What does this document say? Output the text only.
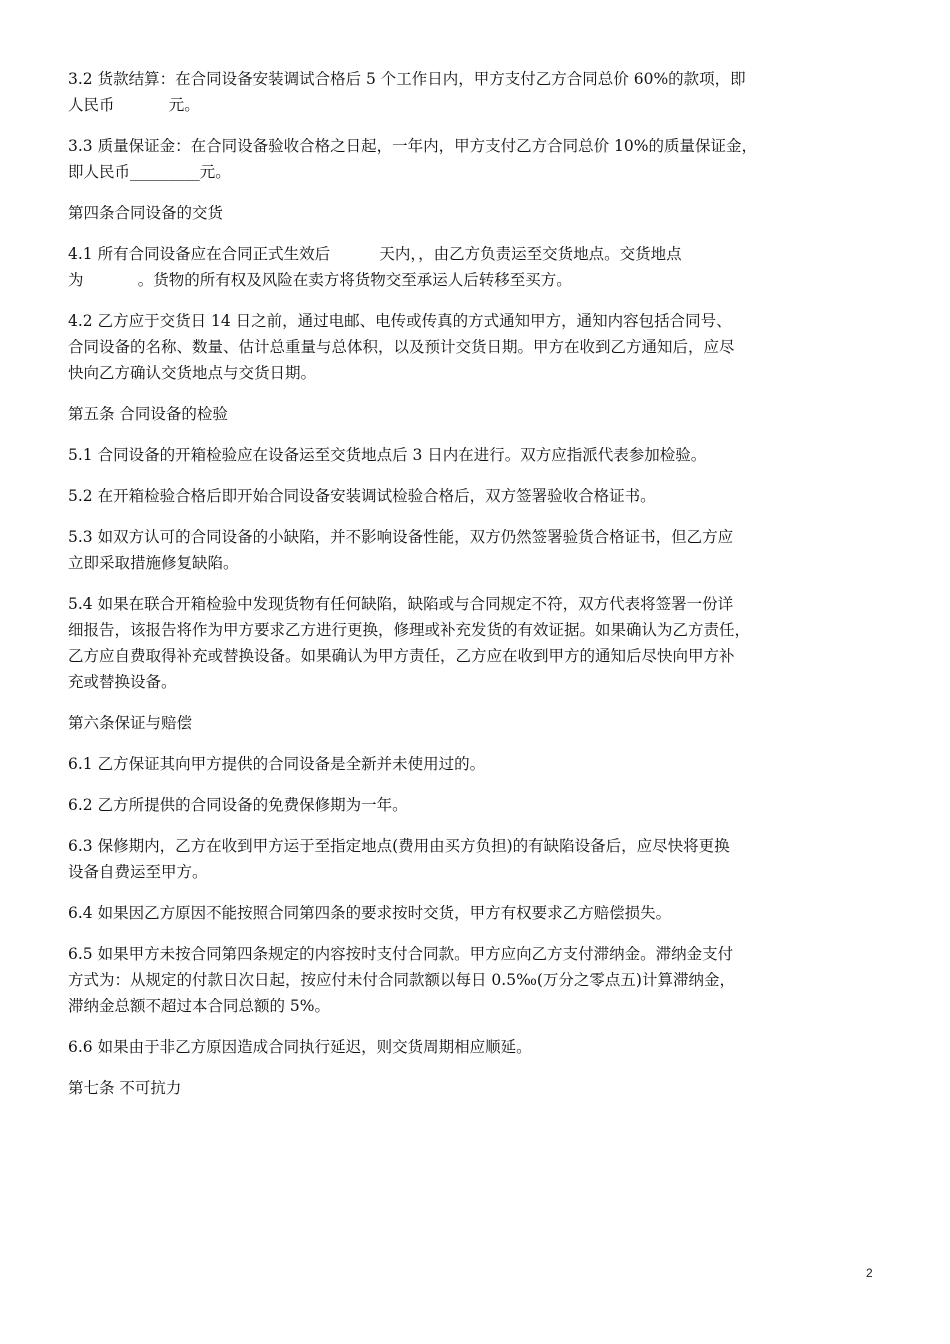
3.2 货款结算：在合同设备安装调试合格后 5 个工作日内，甲方支付乙方合同总价 60%的款项，即
人民币           元。

3.3 质量保证金：在合同设备验收合格之日起，一年内，甲方支付乙方合同总价 10%的质量保证金，
即人民币_________元。

第四条合同设备的交货

4.1 所有合同设备应在合同正式生效后          天内，，由乙方负责运至交货地点。交货地点
为           。货物的所有权及风险在卖方将货物交至承运人后转移至买方。

4.2 乙方应于交货日 14 日之前，通过电邮、电传或传真的方式通知甲方，通知内容包括合同号、
合同设备的名称、数量、估计总重量与总体积，以及预计交货日期。甲方在收到乙方通知后，应尽
快向乙方确认交货地点与交货日期。

第五条 合同设备的检验

5.1 合同设备的开箱检验应在设备运至交货地点后 3 日内在进行。双方应指派代表参加检验。

5.2 在开箱检验合格后即开始合同设备安装调试检验合格后，双方签署验收合格证书。

5.3 如双方认可的合同设备的小缺陷，并不影响设备性能，双方仍然签署验货合格证书，但乙方应
立即采取措施修复缺陷。

5.4 如果在联合开箱检验中发现货物有任何缺陷，缺陷或与合同规定不符，双方代表将签署一份详
细报告，该报告将作为甲方要求乙方进行更换，修理或补充发货的有效证据。如果确认为乙方责任，
乙方应自费取得补充或替换设备。如果确认为甲方责任，乙方应在收到甲方的通知后尽快向甲方补
充或替换设备。

第六条保证与赔偿

6.1 乙方保证其向甲方提供的合同设备是全新并未使用过的。

6.2 乙方所提供的合同设备的免费保修期为一年。

6.3 保修期内，乙方在收到甲方运于至指定地点(费用由买方负担)的有缺陷设备后，应尽快将更换
设备自费运至甲方。

6.4 如果因乙方原因不能按照合同第四条的要求按时交货，甲方有权要求乙方赔偿损失。

6.5 如果甲方未按合同第四条规定的内容按时支付合同款。甲方应向乙方支付滞纳金。滞纳金支付
方式为：从规定的付款日次日起，按应付未付合同款额以每日 0.5‰(万分之零点五)计算滞纳金，
滞纳金总额不超过本合同总额的 5%。

6.6 如果由于非乙方原因造成合同执行延迟，则交货周期相应顺延。

第七条 不可抗力

2
